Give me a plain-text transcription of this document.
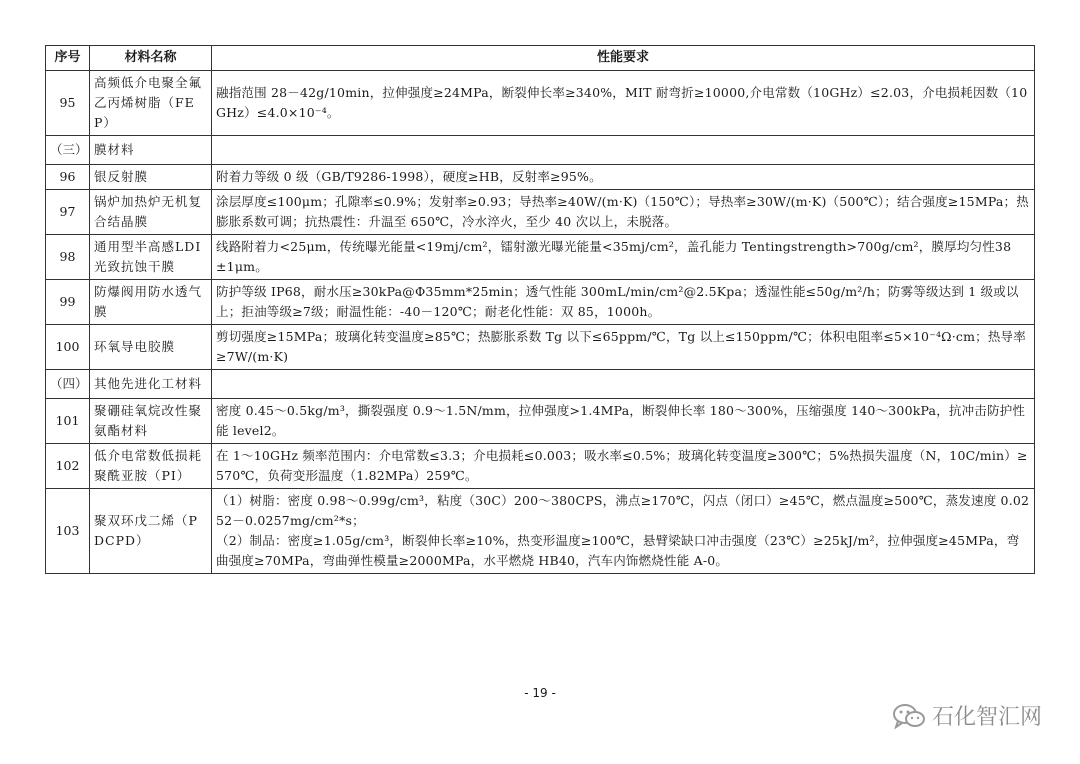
序号	材料名称	性能要求
95	高频低介电聚全氟乙丙烯树脂（FEP）	融指范围 28－42g/10min，拉伸强度≥24MPa，断裂伸长率≥340%，MIT 耐弯折≥10000,介电常数（10GHz）≤2.03，介电损耗因数（10GHz）≤4.0×10⁻⁴。

（三）	膜材料	
96	银反射膜	附着力等级 0 级（GB/T9286-1998），硬度≥HB，反射率≥95%。

97	锅炉加热炉无机复合结晶膜	涂层厚度≤100μm；孔隙率≤0.9%；发射率≥0.93；导热率≥40W/(m·K)（150℃）；导热率≥30W/(m·K)（500℃）；结合强度≥15MPa；热膨胀系数可调；抗热震性：升温至 650℃，冷水淬火，至少 40 次以上，未脱落。

98	通用型半高感LDI光致抗蚀干膜	线路附着力<25μm，传统曝光能量<19mj/cm²，镭射激光曝光能量<35mj/cm²，盖孔能力 Tentingstrength>700g/cm²，膜厚均匀性38±1μm。

99	防爆阀用防水透气膜	防护等级 IP68，耐水压≥30kPa@Φ35mm*25min；透气性能 300mL/min/cm²@2.5Kpa；透湿性能≤50g/m²/h；防雾等级达到 1 级或以上；拒油等级≥7级；耐温性能：-40－120℃；耐老化性能：双 85，1000h。

100	环氧导电胶膜	剪切强度≥15MPa；玻璃化转变温度≥85℃；热膨胀系数 Tg 以下≤65ppm/℃，Tg 以上≤150ppm/℃；体积电阻率≤5×10⁻⁴Ω·cm；热导率≥7W/(m·K)

（四）	其他先进化工材料	
101	聚硼硅氧烷改性聚氨酯材料	密度 0.45～0.5kg/m³，撕裂强度 0.9～1.5N/mm，拉伸强度>1.4MPa，断裂伸长率 180～300%，压缩强度 140～300kPa，抗冲击防护性能 level2。

102	低介电常数低损耗聚酰亚胺（PI）	在 1～10GHz 频率范围内：介电常数≤3.3；介电损耗≤0.003；吸水率≤0.5%；玻璃化转变温度≥300℃；5%热损失温度（N，10C/min）≥570℃，负荷变形温度（1.82MPa）259℃。

103	聚双环戊二烯（PDCPD）	（1）树脂：密度 0.98～0.99g/cm³，粘度（30C）200～380CPS，沸点≥170℃，闪点（闭口）≥45℃，燃点温度≥500℃，蒸发速度 0.0252－0.0257mg/cm²*s；
（2）制品：密度≥1.05g/cm³，断裂伸长率≥10%，热变形温度≥100℃，悬臂梁缺口冲击强度（23℃）≥25kJ/m²，拉伸强度≥45MPa，弯曲强度≥70MPa，弯曲弹性模量≥2000MPa，水平燃烧 HB40，汽车内饰燃烧性能 A-0。
- 19 -
石化智汇网
